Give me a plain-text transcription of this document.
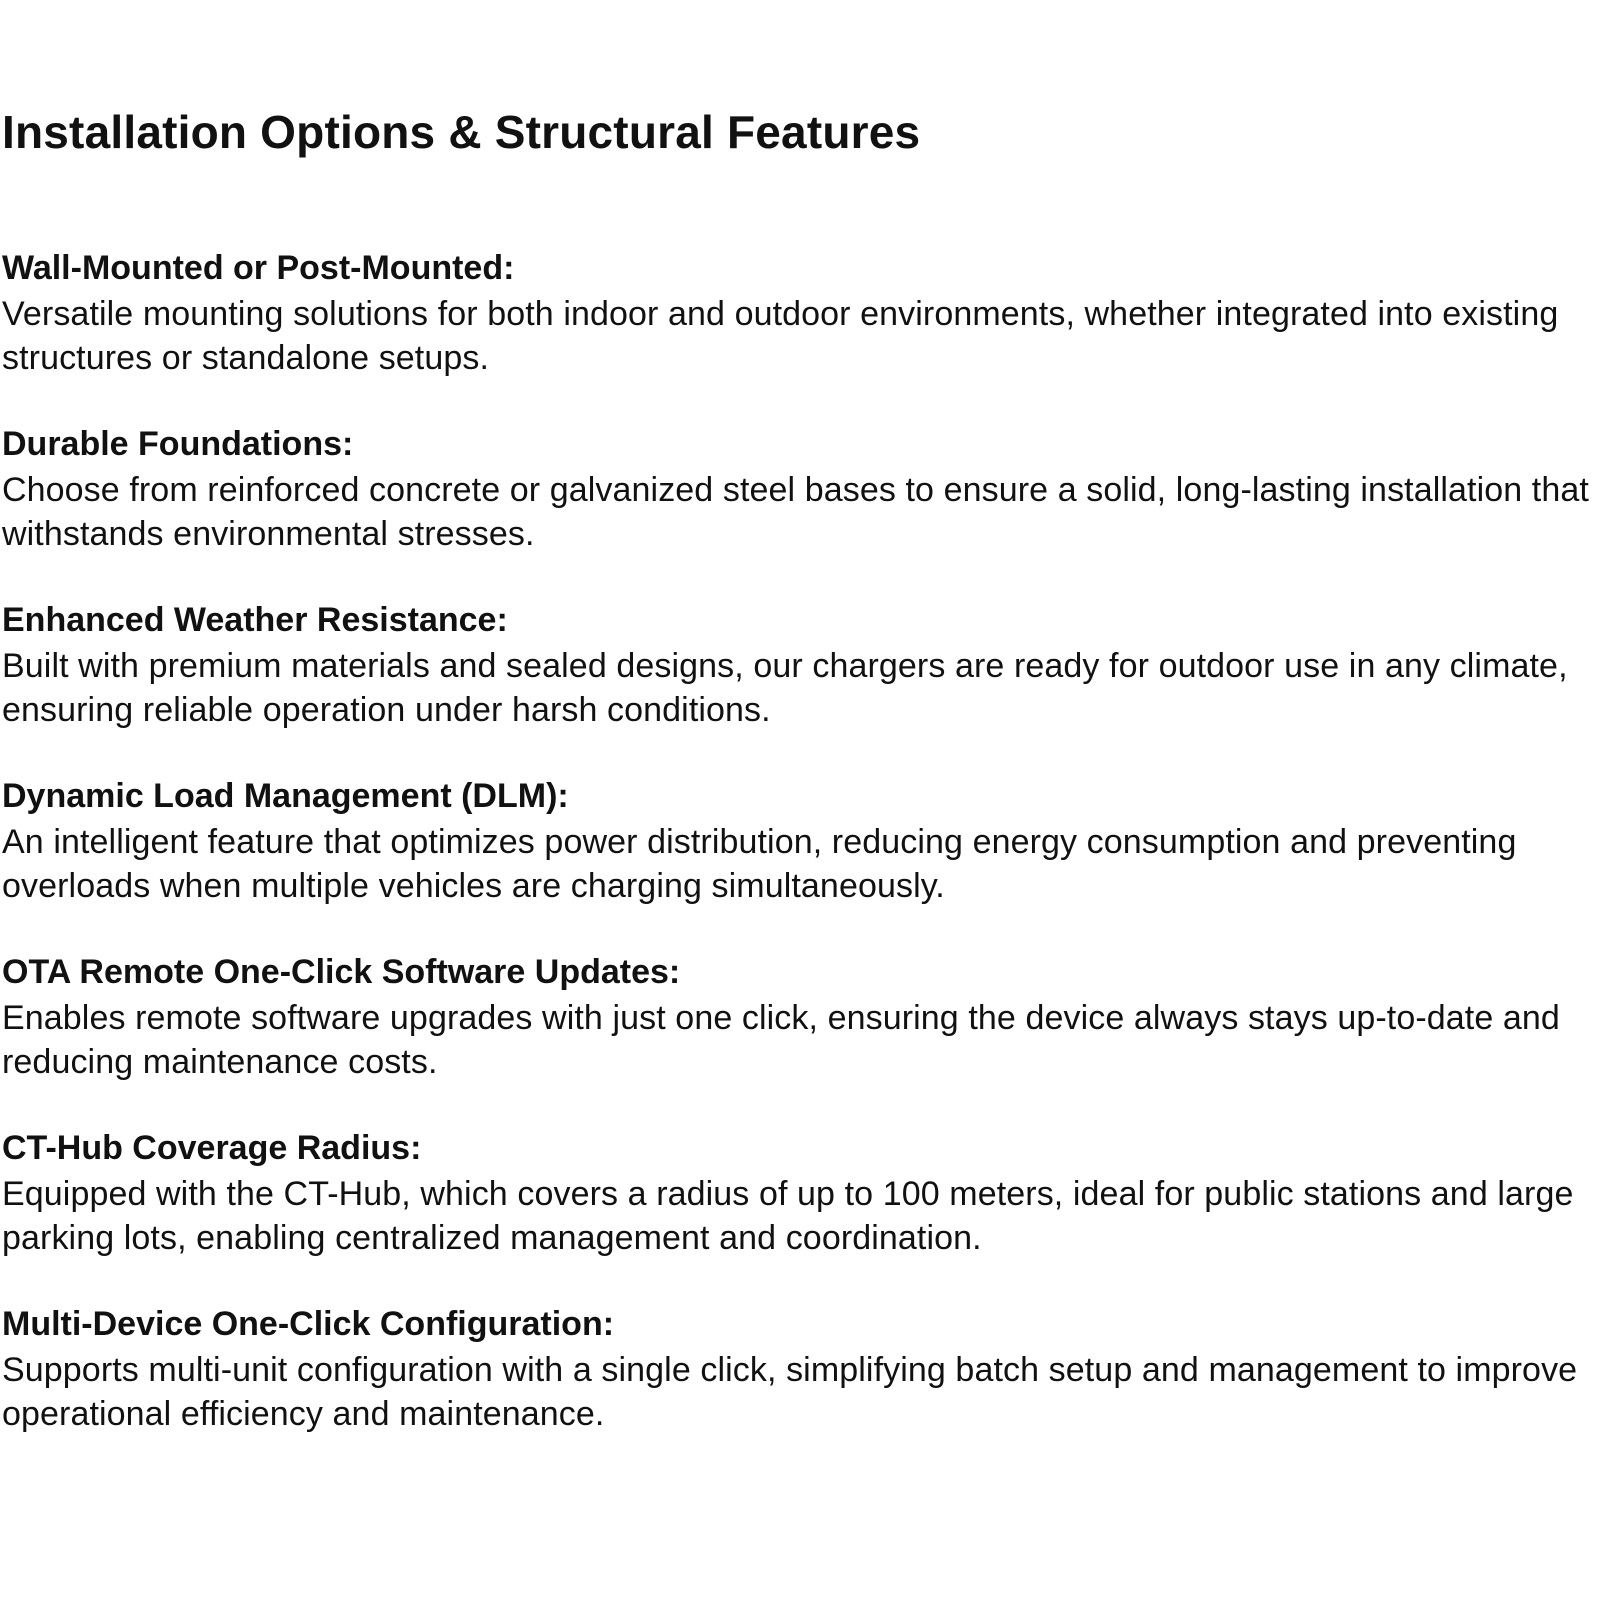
Installation Options & Structural Features
Wall-Mounted or Post-Mounted:

Versatile mounting solutions for both indoor and outdoor environments, whether integrated into existing structures or standalone setups.

Durable Foundations:

Choose from reinforced concrete or galvanized steel bases to ensure a solid, long-lasting installation that withstands environmental stresses.

Enhanced Weather Resistance:

Built with premium materials and sealed designs, our chargers are ready for outdoor use in any climate, ensuring reliable operation under harsh conditions.

Dynamic Load Management (DLM):

An intelligent feature that optimizes power distribution, reducing energy consumption and preventing overloads when multiple vehicles are charging simultaneously.

OTA Remote One-Click Software Updates:

Enables remote software upgrades with just one click, ensuring the device always stays up-to-date and reducing maintenance costs.

CT-Hub Coverage Radius:

Equipped with the CT-Hub, which covers a radius of up to 100 meters, ideal for public stations and large parking lots, enabling centralized management and coordination.

Multi-Device One-Click Configuration:

Supports multi-unit configuration with a single click, simplifying batch setup and management to improve operational efficiency and maintenance.
